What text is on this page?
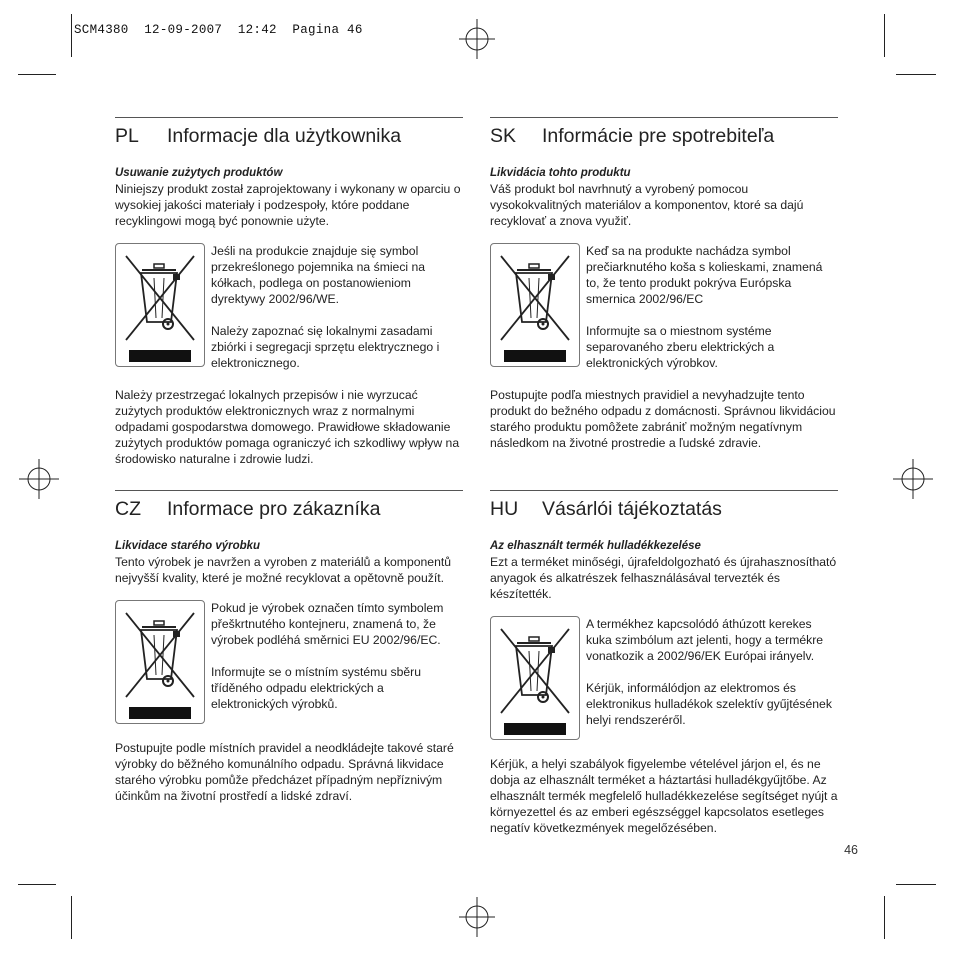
SCM4380  12-09-2007  12:42  Pagina 46
PL Informacje dla użytkownika
Usuwanie zużytych produktów
Niniejszy produkt został zaprojektowany i wykonany w oparciu o wysokiej jakości materiały i podzespoły, które poddane recyklingowi mogą być ponownie użyte.

Jeśli na produkcie znajduje się symbol przekreślonego pojemnika na śmieci na kółkach, podlega on postanowieniom dyrektywy 2002/96/WE.

Należy zapoznać się lokalnymi zasadami zbiórki i segregacji sprzętu elektrycznego i elektronicznego.

Należy przestrzegać lokalnych przepisów i nie wyrzucać zużytych produktów elektronicznych wraz z normalnymi odpadami gospodarstwa domowego. Prawidłowe składowanie zużytych produktów pomaga ograniczyć ich szkodliwy wpływ na środowisko naturalne i zdrowie ludzi.
SK Informácie pre spotrebiteľa
Likvidácia tohto produktu
Váš produkt bol navrhnutý a vyrobený pomocou vysokokvalitných materiálov a komponentov, ktoré sa dajú recyklovať a znova využiť.

Keď sa na produkte nachádza symbol prečiarknutého koša s kolieskami, znamená to, že tento produkt pokrýva Európska smernica 2002/96/EC

Informujte sa o miestnom systéme separovaného zberu elektrických a elektronických výrobkov.

Postupujte podľa miestnych pravidiel a nevyhadzujte tento produkt do bežného odpadu z domácnosti. Správnou likvidáciou starého produktu pomôžete zabrániť možným negatívnym následkom na životné prostredie a ľudské zdravie.
CZ Informace pro zákazníka
Likvidace starého výrobku
Tento výrobek je navržen a vyroben z materiálů a komponentů nejvyšší kvality, které je možné recyklovat a opětovně použít.

Pokud je výrobek označen tímto symbolem přeškrtnutého kontejneru, znamená to, že výrobek podléhá směrnici EU 2002/96/EC.

Informujte se o místním systému sběru tříděného odpadu elektrických a elektronických výrobků.

Postupujte podle místních pravidel a neodkládejte takové staré výrobky do běžného komunálního odpadu. Správná likvidace starého výrobku pomůže předcházet případným nepříznivým účinkům na životní prostředí a lidské zdraví.
HU Vásárlói tájékoztatás
Az elhasznált termék hulladékkezelése
Ezt a terméket minőségi, újrafeldolgozható és újrahasznosítható anyagok és alkatrészek felhasználásával tervezték és készítették.

A termékhez kapcsolódó áthúzott kerekes kuka szimbólum azt jelenti, hogy a termékre vonatkozik a 2002/96/EK Európai irányelv.

Kérjük, informálódjon az elektromos és elektronikus hulladékok szelektív gyűjtésének helyi rendszeréről.

Kérjük, a helyi szabályok figyelembe vételével járjon el, és ne dobja az elhasznált terméket a háztartási hulladékgyűjtőbe. Az elhasznált termék megfelelő hulladékkezelése segítséget nyújt a környezettel és az emberi egészséggel kapcsolatos esetleges negatív következmények megelőzésében.
46
